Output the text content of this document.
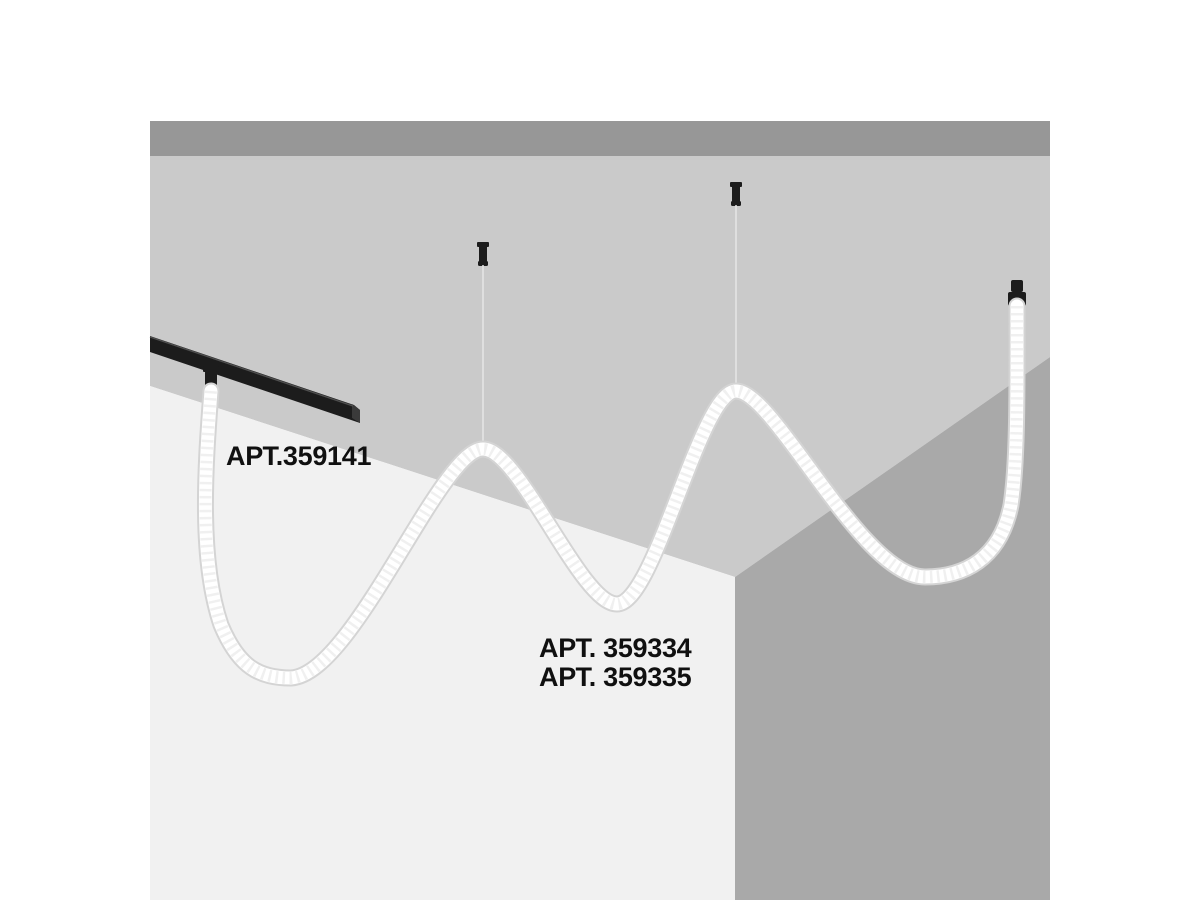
АРТ.359141
АРТ. 359334
АРТ. 359335
